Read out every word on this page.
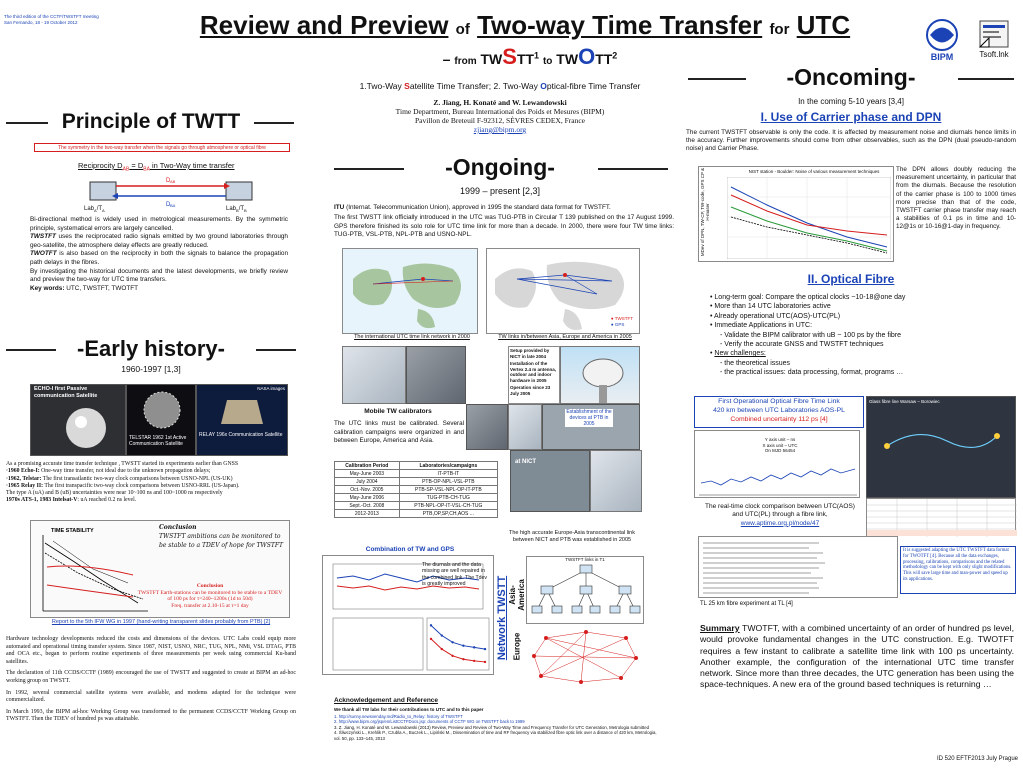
The third edition of the CCTF/TWSTFT meeting
San Fernando, 18 - 19 October 2012	Review and Preview of Two-way Time Transfer for UTC
– from TWSTT$^1$ to TWOTT$^2$
1.Two-Way Satellite Time Transfer; 2. Two-Way Optical-fibre Time Transfer
Z. Jiang, H. Konaté and W. Lewandowski
Time Department, Bureau International des Poids et Mesures (BIPM)
Pavillon de Breteuil F-92312, SÈVRES CEDEX, France
zjiang@bipm.org
BIPM	Tsoft.lnk
Principle of TWTT
The symmetry in the two-way transfer when the signals go through atmosphere or optical fibre
Reciprocity $D_{AB} = D_{BA}$ in Two-Way time transfer
D AB
D BA
$Lab_A/T_A$	$Lab_B/T_B$

Bi-directional method is widely used in metrological measurements. By the symmetric principle, systematical errors are largely cancelled.

TWSTFT uses the reciprocated radio signals emitted by two ground laboratories through geo-satellite, the atmosphere delay effects are greatly reduced.

TWOTFT is also based on the reciprocity in both the signals to balance the propagation path delays in the fibres.

By investigating the historical documents and the latest developments, we briefly review and preview the two-way for UTC time transfers.

Key words: UTC, TWSTFT, TWOTFT

-Early history-
1960-1997 [1,3]
ECHO-I first Passive communication Satellite
TELSTAR 1962 1st Active Communication Satellite
NASA images
RELAY 196x Communication Satellite
As a promising accurate time transfer technique , TWSTT started its experiments earlier than GNSS
·1960 Echo-I: One-way time transfer, not ideal due to the unknown propagation delays;
·1962, Telstar: The first transatlantic two-way clock comparisons between USNO-NPL (US-UK)
·1965 Relay II: The first transpacific two-way clock comparisons between USNO-RRL (US-Japan).
The type A (uA) and B (uB) uncertainties were near 10~100 ns and 100~1000 ns respectively
1970s ATS-1, 1983 Intelsat-V: uA reached 0.2 ns level.
TIME STABILITY	Conclusion
TWSTFT ambitions can be monitored to be stable to a TDEV of hope for TWSTFT
Conclusion
TWSTFT Earth-stations can be monitored to be stable to a TDEV of 100 ps for τ=240~1200s (1d to 50d)
Freq. transfer at 2.10-15 at τ=1 day
Report to the 5th IFW WG in 1997 (hand-writing transparent slides probably from PTB) [2]

Hardware technology developments reduced the costs and dimensions of the devices. UTC Labs could equip more automated and operational timing transfer system. Since 1987, NIST, USNO, NRC, TUG, NPL, NMi, VSL DTAG, PTB and OCA etc., began to perform routine experiments of three measurements per week using commercial Ku-band satellites.

The declaration of 11th CCDS/CCTF (1989) encouraged the use of TWSTT and suggested to create at BIPM an ad-hoc working group on TWSTT.

In 1992, several commercial satellite systems were available, and modems adapted for the technique were commercialized.

In March 1993, the BIPM ad-hoc Working Group was transformed to the permanent CCDS/CCTF Working Group on TWSTFT. Then the TDEV of hundred ps was attainable.

-Ongoing-
1999 – present [2,3]

ITU (Internat. Telecommunication Union), approved in 1995 the standard data format for TWSTFT.

The first TWSTT link officially introduced in the UTC was TUG-PTB in Circular T 139 published on the 17 August 1999. GPS therefore finished its solo role for UTC time link for more than a decade. In 2000, there were four TW time links: TUG-PTB, VSL-PTB, NPL-PTB and USNO-NPL.

The international UTC time link network in 2000
● TWSTFT
● GPS
TW links in/between Asia, Europe and America in 2005
Setup provided by NICT in late 2004
Installation of the Vertex 2.4 m antenna, outdoor and indoor hardware in 2005
Operation since 23 July 2005
Establishment of the devices at PTB in 2005
Mobile TW calibrators
The UTC links must be calibrated. Several calibration campaigns were organized in and between Europe, America and Asia.
at NICT
Calibration Period	Laboratories/campaigns
May-June 2003	IT-PTB-IT
July 2004	PTB-OP-NPL-VSL-PTB
Oct.-Nov. 2005	PTB-SP-VSL-NPL-OP-IT-PTB
May-June 2006	TUG-PTB-CH-TUG
Sept.-Oct. 2008	PTB-NPL-OP-IT-VSL-CH-TUG
2012-2013	PTB,OP,SP,CH,AOS ...
The high accurate Europe-Asia transcontinental link between NICT and PTB was established in 2005
Combination of TW and GPS
The diurnals and the data missing are well repaired in the combined link. The Tdev is greatly improved	Network TWSTT Asia-America
Europe
TWSTFT links in T1
Acknowledgement and Reference
We thank all TW labs for their contributions to UTC and to this paper
1. http://sunny.newsvenday.md/Radio_to_Relay: history of TWSTFT
2. http://www.bipm.org/jsp/en/ListCCTFDocs.jsp: documents of CCTF WG on TWSTFT back to 1999
3. Z. Jiang, H. Konaté and W. Lewandowski (2013) Review, Preview and Review of Two-Way Time and Frequency Transfer for UTC Generation, Metrologia submitted
4. Śliwczyński L., Krehlik P., Czubla A., Buczek L., Lipiński M., Dissemination of time and RF frequency via stabilized fibre optic link over a distance of 420 km, Metrologia, vol. 50, pp. 133–145, 2013
-Oncoming-
In the coming 5-10 years [3,4]
I. Use of Carrier phase and DPN
The current TWSTFT observable is only the code. It is affected by measurement noise and diurnals hence limits in the accuracy. Further improvements should come from other observables, such as the DPN (dual pseudo-random noise) and Carrier Phase.
MDev of DPN, TW-CP, TW-code, GPS CP & H-maser
NIST station - Boulder: Noise of various measurement techniques	The DPN allows doubly reducing the measurement uncertainty, in particular that from the diurnals. Because the resolution of the carrier phase is 100 to 1000 times more precise than that of the code, TWSTFT carrier phase transfer may reach a stabilities of 0.1 ps in time and 10-12@1s or 10-16@1-day in frequency.
II. Optical Fibre
• Long-term goal: Compare the optical clocks ~10-18@one day
• More than 14 UTC laboratories active
• Already operational UTC(AOS)-UTC(PL)
• Immediate Applications in UTC:
- Validate the BIPM calibrator with uB ~ 100 ps by the fibre
- Verify the accurate GNSS and TWSTFT techniques
• New challenges:
- the theoretical issues
- the practical issues: data processing, format, programs …
First Operational Optical Fibre Time Link
420 km between UTC Laboratories AOS-PL
Combined uncertainty 112 ps [4]
Y axis unit – ns
X axis unit – UTC
On MJD 56454
Glass fibre line Warsaw – Borowiec
The real-time clock comparison between UTC(AOS) and UTC(PL) through a fibre link,
www.aptime.org.pl/node/47
It is suggested adapting the UTC TWSTFT data format for TWOTFT [4]. Because all the data exchanges, processing, calibrations, comparisons and the related methodology can be kept with only slight modifications. This will save large time and man-power and speed up its applications.
TL 25 km fibre experiment at TL [4]
Summary TWOTFT, with a combined uncertainty of an order of hundred ps level, would provoke fundamental changes in the UTC construction. E.g. TWOTFT requires a few instant to calibrate a satellite time link with 100 ps uncertainty. Another example, the configuration of the international UTC time transfer network. Since more than three decades, the UTC generation has been using the space-techniques. A new era of the ground based techniques is returning …
ID 520 EFTF2013 July Prague
